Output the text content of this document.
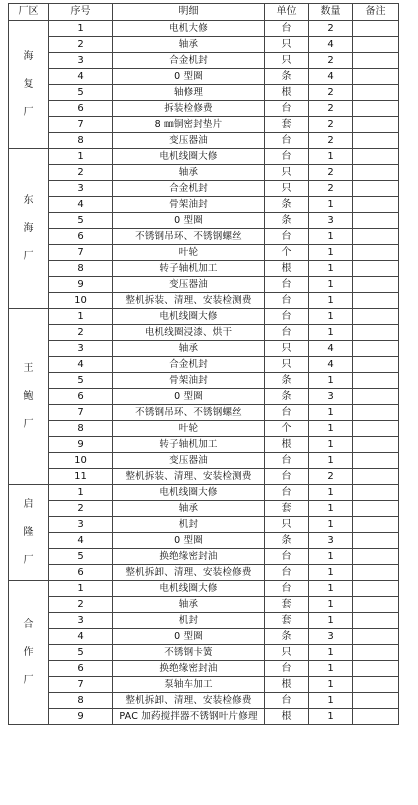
厂区	序号	明细	单位	数量	备注

海
复
厂	1	电机大修	台	2	
	2	轴承	只	4	
	3	合金机封	只	2	
	4	0 型圈	条	4	
	5	轴修理	根	2	
	6	拆装检修费	台	2	
	7	8 ㎜铜密封垫片	套	2	
	8	变压器油	台	2	

东
海
厂	1	电机线圈大修	台	1	
	2	轴承	只	2	
	3	合金机封	只	2	
	4	骨架油封	条	1	
	5	0 型圈	条	3	
	6	不锈钢吊环、不锈钢螺丝	台	1	
	7	叶轮	个	1	
	8	转子轴机加工	根	1	
	9	变压器油	台	1	
	10	整机拆装、清理、安装检测费	台	1	

王
鲍
厂	1	电机线圈大修	台	1	
	2	电机线圈浸漆、烘干	台	1	
	3	轴承	只	4	
	4	合金机封	只	4	
	5	骨架油封	条	1	
	6	0 型圈	条	3	
	7	不锈钢吊环、不锈钢螺丝	台	1	
	8	叶轮	个	1	
	9	转子轴机加工	根	1	
	10	变压器油	台	1	
	11	整机拆装、清理、安装检测费	台	2	

启
隆
厂	1	电机线圈大修	台	1	
	2	轴承	套	1	
	3	机封	只	1	
	4	0 型圈	条	3	
	5	换绝缘密封油	台	1	
	6	整机拆卸、清理、安装检修费	台	1	

合
作
厂	1	电机线圈大修	台	1	
	2	轴承	套	1	
	3	机封	套	1	
	4	0 型圈	条	3	
	5	不锈钢卡簧	只	1	
	6	换绝缘密封油	台	1	
	7	泵轴车加工	根	1	
	8	整机拆卸、清理、安装检修费	台	1	
	9	PAC 加药搅拌器不锈钢叶片修理	根	1	
